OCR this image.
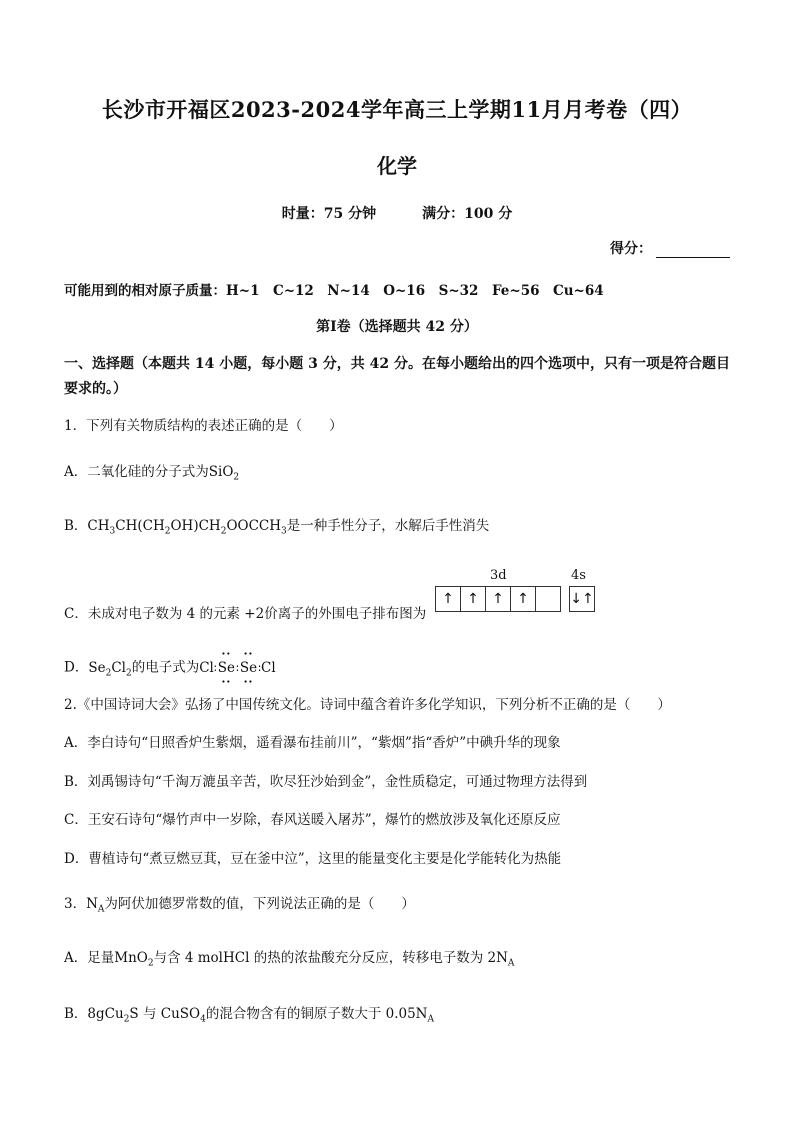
长沙市开福区2023-2024学年高三上学期11月月考卷（四）
化学
时量：75 分钟	满分：100 分
得分：
可能用到的相对原子质量：H~1　C~12　N~14　O~16　S~32　Fe~56　Cu~64
第Ⅰ卷（选择题共 42 分）
一、选择题（本题共 14 小题，每小题 3 分，共 42 分。在每小题给出的四个选项中，只有一项是符合题目要求的。）
1．下列有关物质结构的表述正确的是（　　）
A．二氧化硅的分子式为SiO$_2$
B．$CH_3CH(CH_2OH)CH_2OOCCH_3$是一种手性分子，水解后手性消失
3d	4s
↑ ↑ ↑ ↑	↓↑
C．未成对电子数为 4 的元素 +2价离子的外围电子排布图为
D．$Se_2Cl_2$的电子式为Cl∶
∙∙
Se
∙∙
∶
∙∙
Se
∙∙
∶Cl
2.《中国诗词大会》弘扬了中国传统文化。诗词中蕴含着许多化学知识，下列分析不正确的是（　　）
A．李白诗句“日照香炉生紫烟，遥看瀑布挂前川”，“紫烟”指“香炉”中碘升华的现象
B．刘禹锡诗句“千淘万漉虽辛苦，吹尽狂沙始到金”，金性质稳定，可通过物理方法得到
C．王安石诗句“爆竹声中一岁除，春风送暖入屠苏”，爆竹的燃放涉及氧化还原反应
D．曹植诗句“煮豆燃豆萁，豆在釜中泣”，这里的能量变化主要是化学能转化为热能
3．$N_A$为阿伏加德罗常数的值，下列说法正确的是（　　）
A．足量MnO$_2$与含 4 molHCl 的热的浓盐酸充分反应，转移电子数为 $2N_A$
B．8gCu$_2$S 与 CuSO$_4$的混合物含有的铜原子数大于 $0.05N_A$
